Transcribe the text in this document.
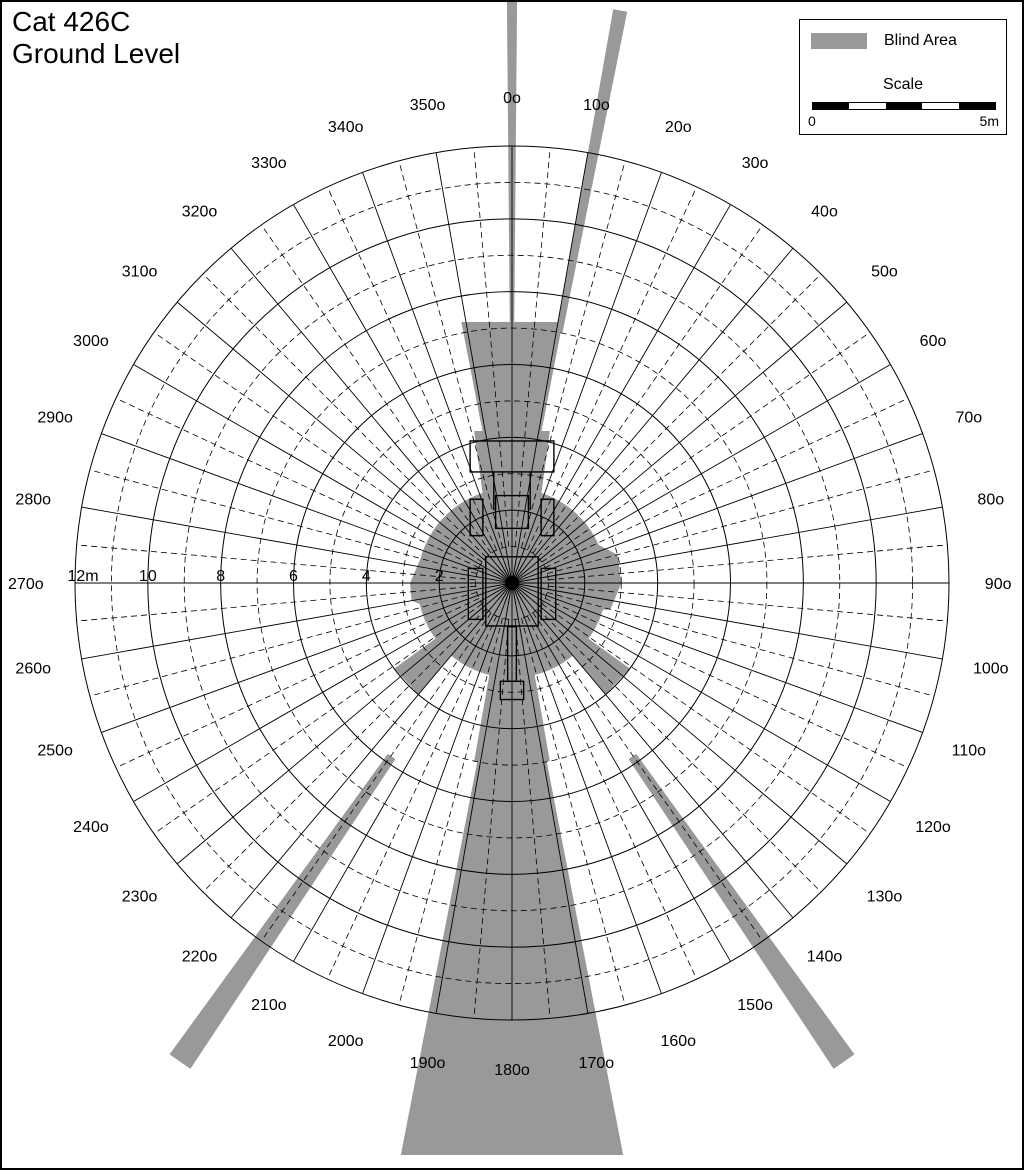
0o	10o
20o
30o
40o
50o
60o
70o
80o
90o
100o
110o
120o
130o
140o
150o
160o
170o
180o
190o
200o
210o
220o
230o
240o
250o
260o
270o
280o
290o
300o
310o
320o
330o
340o
350o
12m	10	8	6	4	2
Cat 426C
Ground Level	Blind Area
Scale
0	5m
